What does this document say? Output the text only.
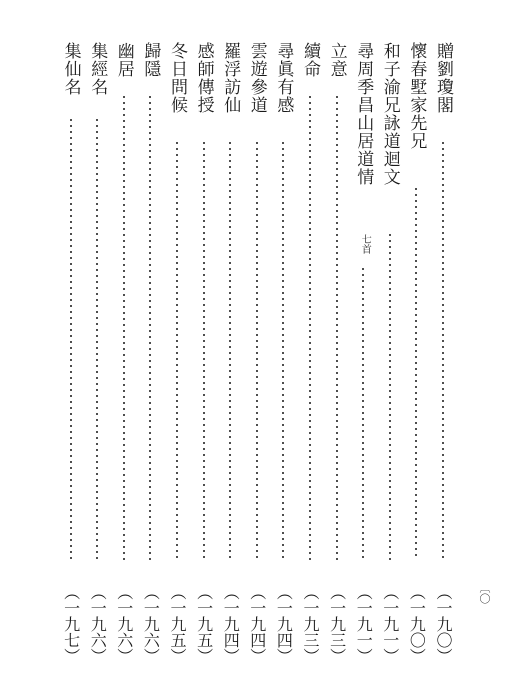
〔〇
贈劉瓊閣
（一九〇）
懷春墅家先兄
（一九〇）
和子渝兄詠道迴文
（一九一）
尋周季昌山居道情
七首
（一九一）
立意
（一九三）
續命
（一九三）
尋眞有感
（一九四）
雲遊參道
（一九四）
羅浮訪仙
（一九四）
感師傳授
（一九五）
冬日問候
（一九五）
歸隱
（一九六）
幽居
（一九六）
集經名
（一九六）
集仙名
（一九七）
